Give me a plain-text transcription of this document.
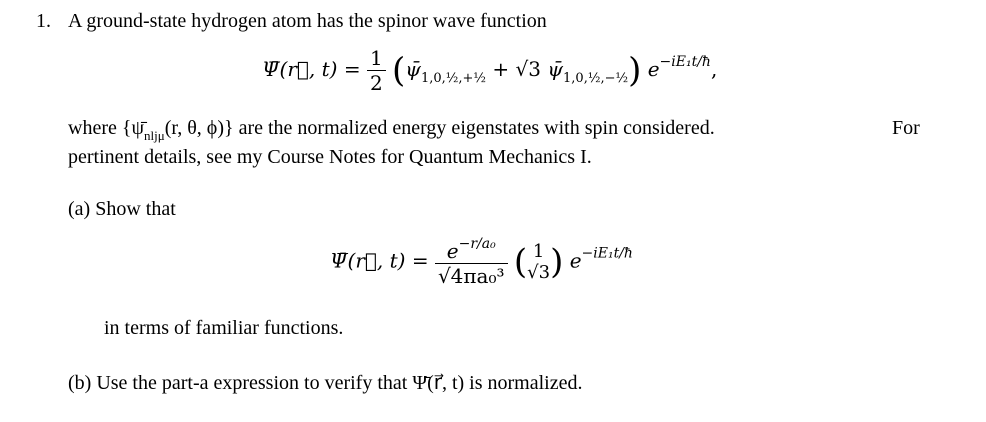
1. A ground-state hydrogen atom has the spinor wave function
Ψ̄(r⃗, $t) = \frac{1}{2}$ ($\psī_{1,0,\frac{1}{2},+\frac{1}{2}} + √3$ $\psī_{1,0,\frac{1}{2},-\frac{1}{2}}$) $e^{-iE_1t/ħ}$,
where {$\psī_{nlj\mu}(r$, θ, ϕ)} are the normalized energy eigenstates with spin considered.	For
pertinent details, see my Course Notes for Quantum Mechanics I.
(a) Show that
Ψ̄(r⃗, $t) = \frac{e^{-r/a_0}}{\text{√4πa₀³}}$ ( 1
√3 ) $e^{-iE_1t/ħ}$
in terms of familiar functions.
(b) Use the part-a expression to verify that Ψ̄(r⃗, t) is normalized.
